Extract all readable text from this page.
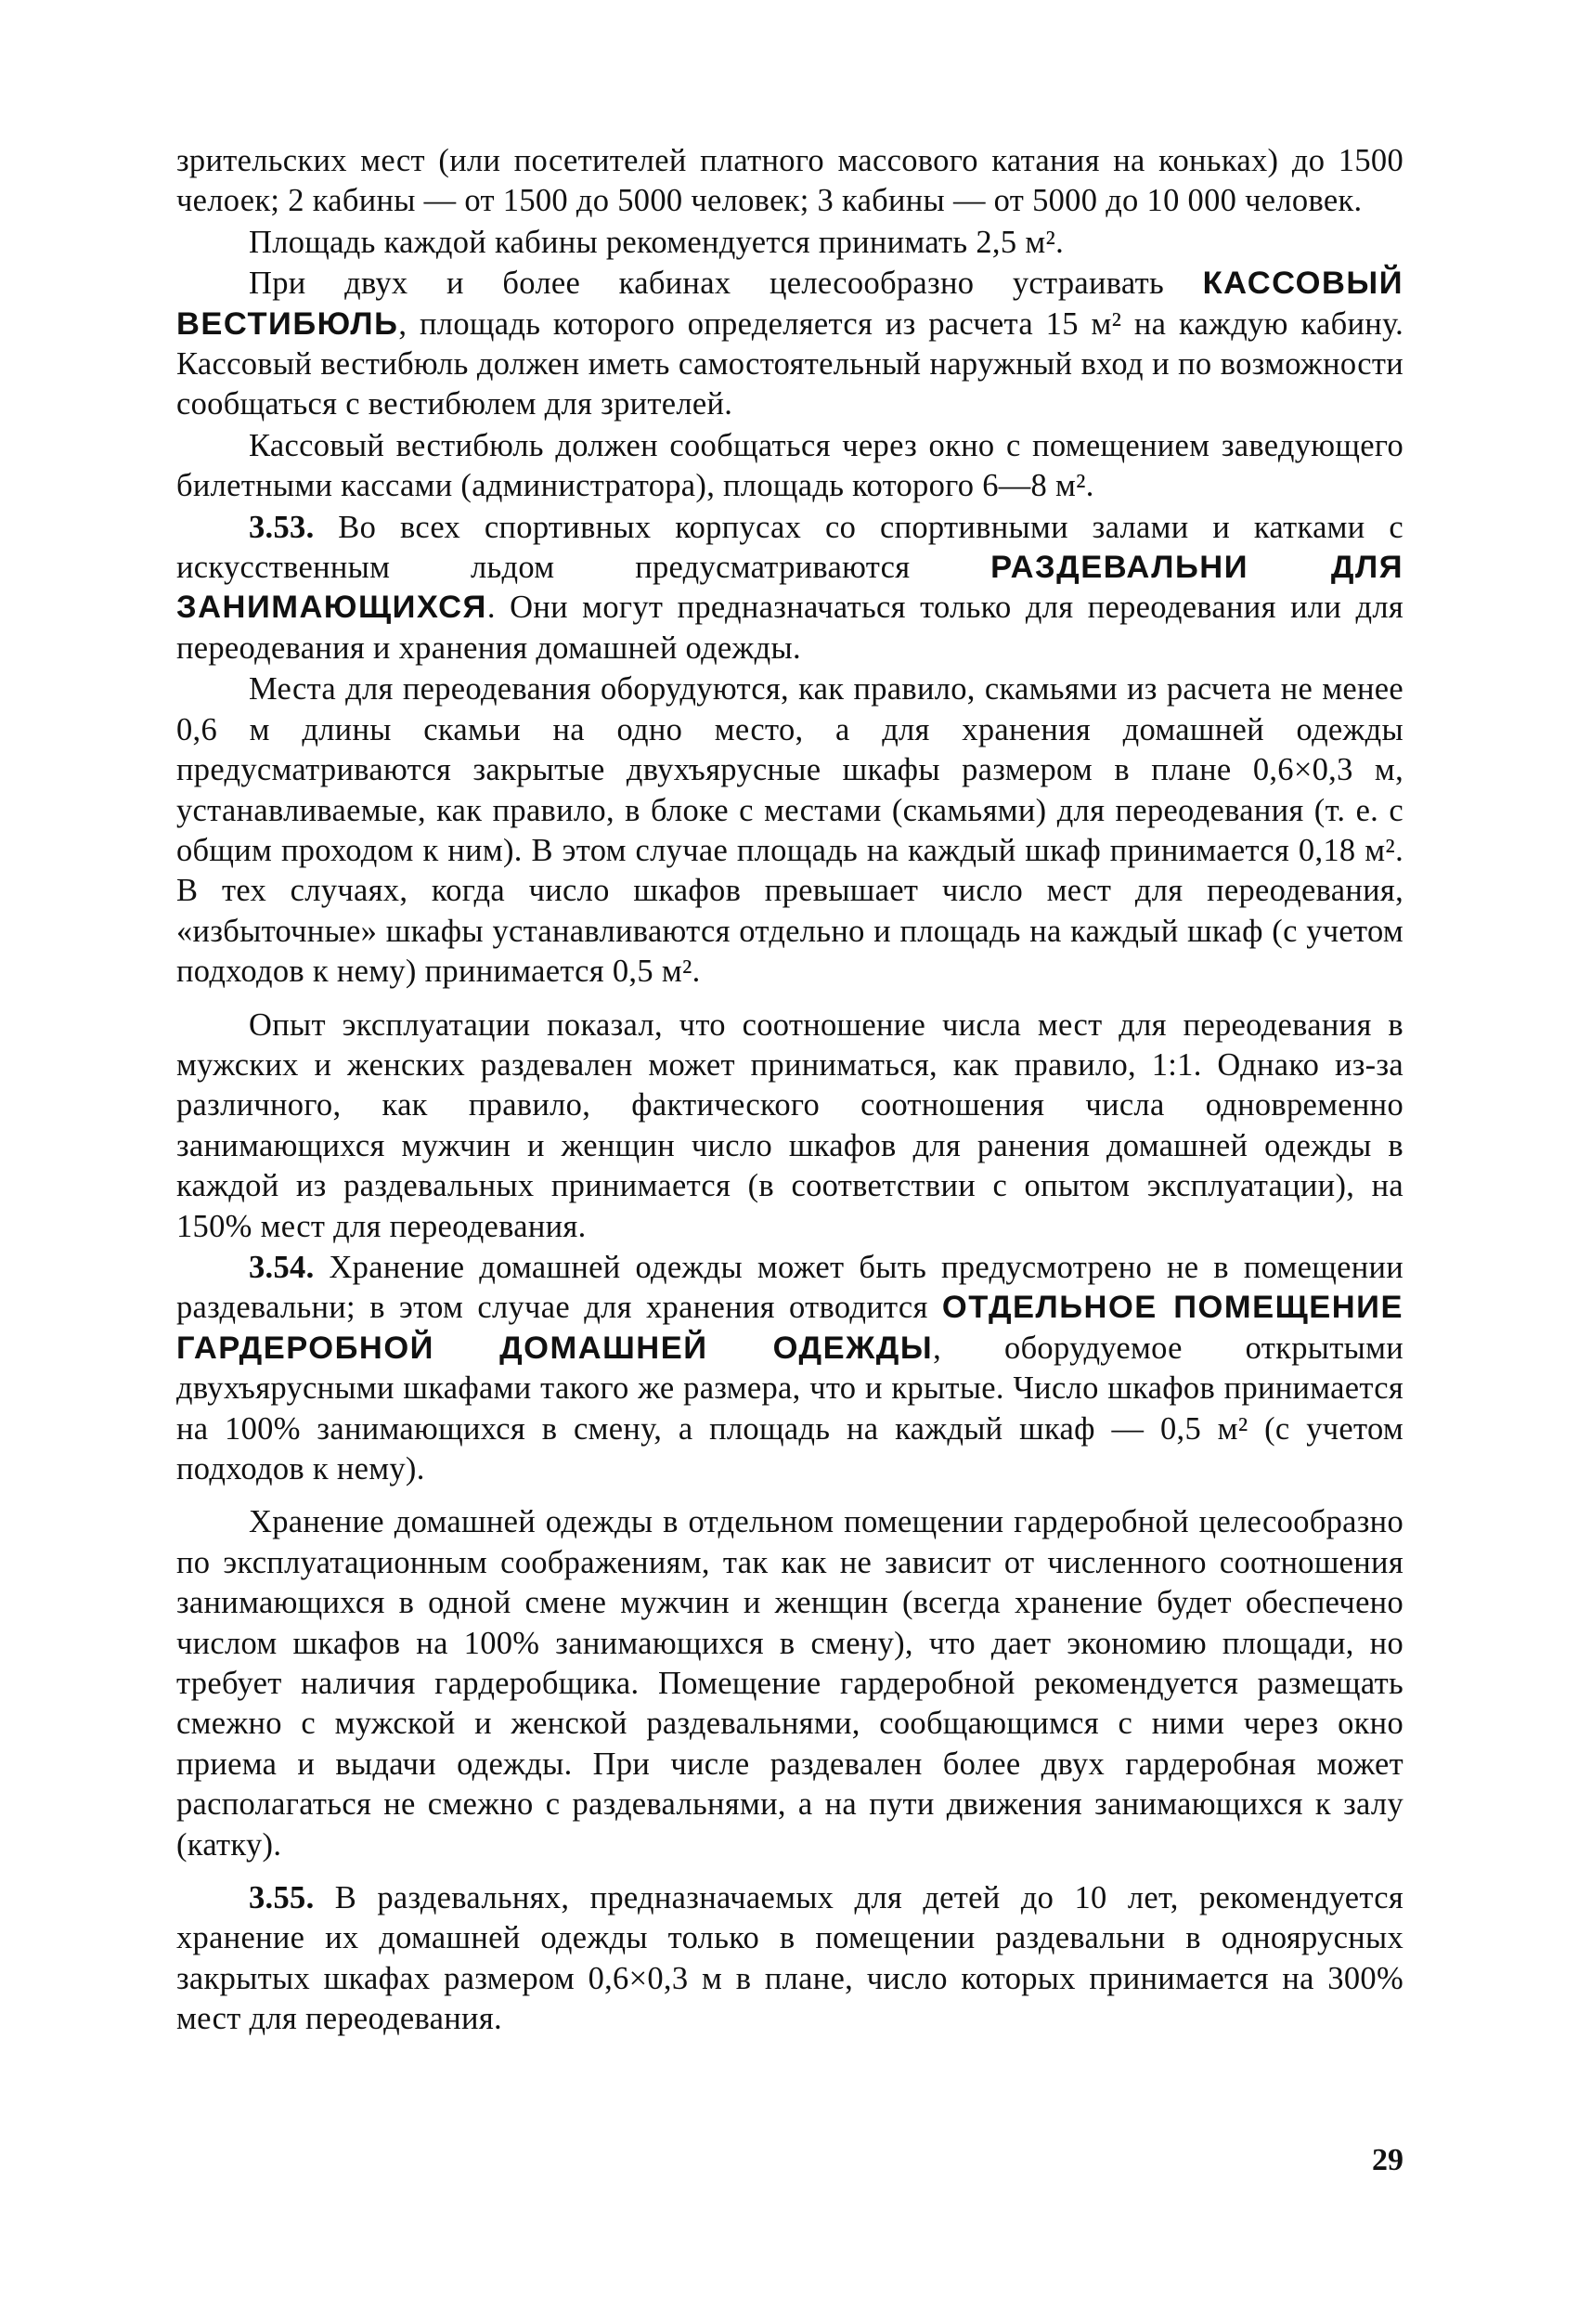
зрительских мест (или посетителей платного массового катания на коньках) до 1500 челоек; 2 кабины — от 1500 до 5000 человек; 3 кабины — от 5000 до 10 000 человек.

Площадь каждой кабины рекомендуется принимать 2,5 м².

При двух и более кабинах целесообразно устраивать КАССОВЫЙ ВЕСТИБЮЛЬ, площадь которого определяется из расчета 15 м² на каждую кабину. Кассовый вестибюль должен иметь самостоятельный наружный вход и по возможности сообщаться с вестибюлем для зрителей.

Кассовый вестибюль должен сообщаться через окно с помещением заведующего билетными кассами (администратора), площадь которого 6—8 м².

3.53. Во всех спортивных корпусах со спортивными залами и катками с искусственным льдом предусматриваются РАЗДЕВАЛЬНИ ДЛЯ ЗАНИМАЮЩИХСЯ. Они могут предназначаться только для переодевания или для переодевания и хранения домашней одежды.

Места для переодевания оборудуются, как правило, скамьями из расчета не менее 0,6 м длины скамьи на одно место, а для хранения домашней одежды предусматриваются закрытые двухъярусные шкафы размером в плане 0,6×0,3 м, устанавливаемые, как правило, в блоке с местами (скамьями) для переодевания (т. е. с общим проходом к ним). В этом случае площадь на каждый шкаф принимается 0,18 м². В тех случаях, когда число шкафов превышает число мест для переодевания, «избыточные» шкафы устанавливаются отдельно и площадь на каждый шкаф (с учетом подходов к нему) принимается 0,5 м².

Опыт эксплуатации показал, что соотношение числа мест для переодевания в мужских и женских раздевален может приниматься, как правило, 1:1. Однако из-за различного, как правило, фактического соотношения числа одновременно занимающихся мужчин и женщин число шкафов для ранения домашней одежды в каждой из раздевальных принимается (в соответствии с опытом эксплуатации), на 150% мест для переодевания.

3.54. Хранение домашней одежды может быть предусмотрено не в помещении раздевальни; в этом случае для хранения отводится ОТДЕЛЬНОЕ ПОМЕЩЕНИЕ ГАРДЕРОБНОЙ ДОМАШНЕЙ ОДЕЖДЫ, оборудуемое открытыми двухъярусными шкафами такого же размера, что и крытые. Число шкафов принимается на 100% занимающихся в смену, а площадь на каждый шкаф — 0,5 м² (с учетом подходов к нему).

Хранение домашней одежды в отдельном помещении гардеробной целесообразно по эксплуатационным соображениям, так как не зависит от численного соотношения занимающихся в одной смене мужчин и женщин (всегда хранение будет обеспечено числом шкафов на 100% занимающихся в смену), что дает экономию площади, но требует наличия гардеробщика. Помещение гардеробной рекомендуется размещать смежно с мужской и женской раздевальнями, сообщающимся с ними через окно приема и выдачи одежды. При числе раздевален более двух гардеробная может располагаться не смежно с раздевальнями, а на пути движения занимающихся к залу (катку).

3.55. В раздевальнях, предназначаемых для детей до 10 лет, рекомендуется хранение их домашней одежды только в помещении раздевальни в одноярусных закрытых шкафах размером 0,6×0,3 м в плане, число которых принимается на 300% мест для переодевания.

29
